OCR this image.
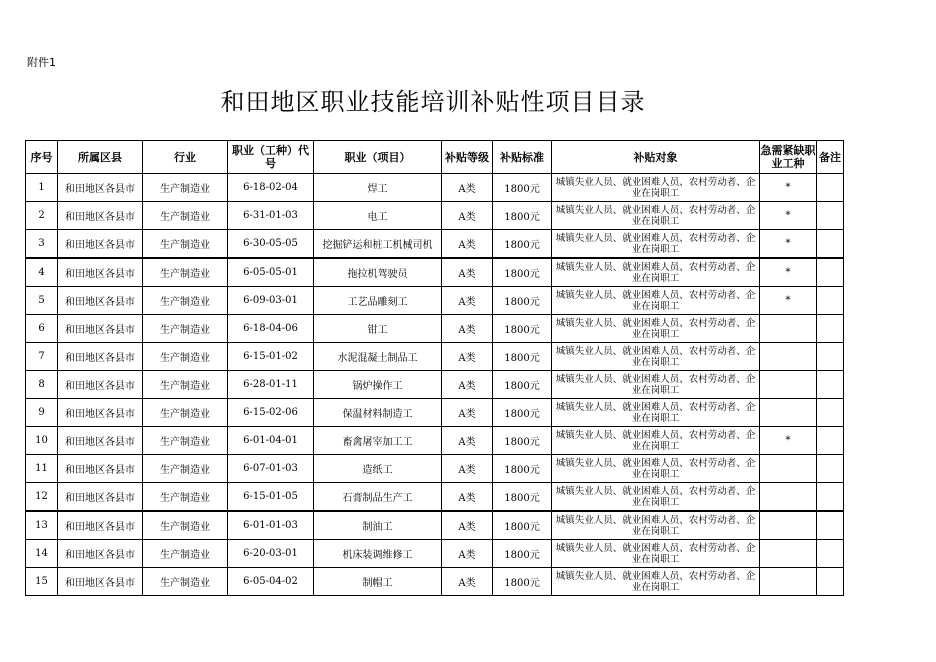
附件1
和田地区职业技能培训补贴性项目目录
序号	所属区县	行业	职业（工种）代号	职业（项目）	补贴等级	补贴标准	补贴对象	急需紧缺职业工种	备注
1	和田地区各县市	生产制造业	6-18-02-04	焊工	A类	1800元	城镇失业人员、就业困难人员、农村劳动者、企业在岗职工	*	
2	和田地区各县市	生产制造业	6-31-01-03	电工	A类	1800元	城镇失业人员、就业困难人员、农村劳动者、企业在岗职工	*	
3	和田地区各县市	生产制造业	6-30-05-05	挖掘铲运和桩工机械司机	A类	1800元	城镇失业人员、就业困难人员、农村劳动者、企业在岗职工	*	
4	和田地区各县市	生产制造业	6-05-05-01	拖拉机驾驶员	A类	1800元	城镇失业人员、就业困难人员、农村劳动者、企业在岗职工	*	
5	和田地区各县市	生产制造业	6-09-03-01	工艺品雕刻工	A类	1800元	城镇失业人员、就业困难人员、农村劳动者、企业在岗职工	*	
6	和田地区各县市	生产制造业	6-18-04-06	钳工	A类	1800元	城镇失业人员、就业困难人员、农村劳动者、企业在岗职工		
7	和田地区各县市	生产制造业	6-15-01-02	水泥混凝土制品工	A类	1800元	城镇失业人员、就业困难人员、农村劳动者、企业在岗职工		
8	和田地区各县市	生产制造业	6-28-01-11	锅炉操作工	A类	1800元	城镇失业人员、就业困难人员、农村劳动者、企业在岗职工		
9	和田地区各县市	生产制造业	6-15-02-06	保温材料制造工	A类	1800元	城镇失业人员、就业困难人员、农村劳动者、企业在岗职工		
10	和田地区各县市	生产制造业	6-01-04-01	畜禽屠宰加工工	A类	1800元	城镇失业人员、就业困难人员、农村劳动者、企业在岗职工	*	
11	和田地区各县市	生产制造业	6-07-01-03	造纸工	A类	1800元	城镇失业人员、就业困难人员、农村劳动者、企业在岗职工		
12	和田地区各县市	生产制造业	6-15-01-05	石膏制品生产工	A类	1800元	城镇失业人员、就业困难人员、农村劳动者、企业在岗职工		
13	和田地区各县市	生产制造业	6-01-01-03	制油工	A类	1800元	城镇失业人员、就业困难人员、农村劳动者、企业在岗职工		
14	和田地区各县市	生产制造业	6-20-03-01	机床装调维修工	A类	1800元	城镇失业人员、就业困难人员、农村劳动者、企业在岗职工		
15	和田地区各县市	生产制造业	6-05-04-02	制帽工	A类	1800元	城镇失业人员、就业困难人员、农村劳动者、企业在岗职工		
